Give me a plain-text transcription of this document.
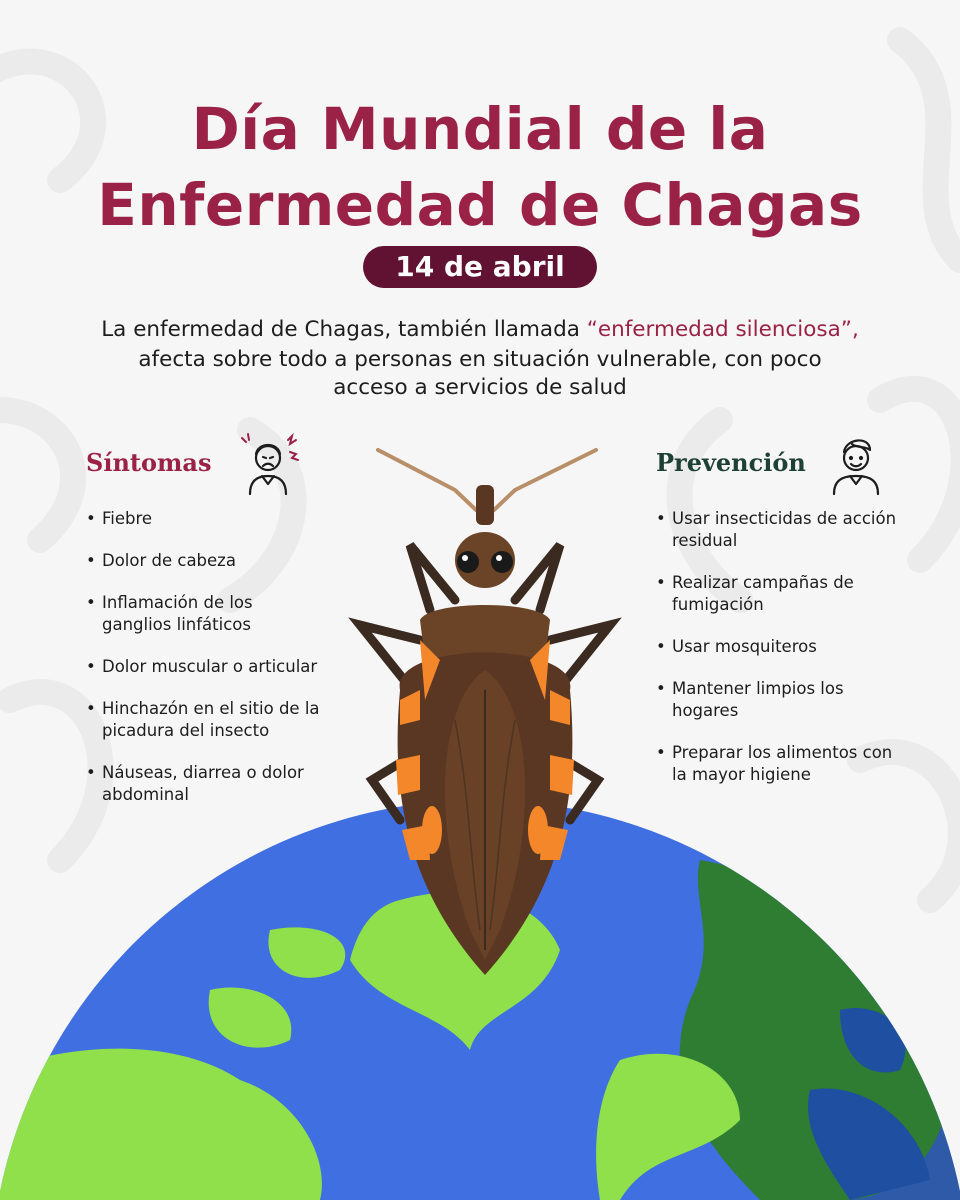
Día Mundial de la
Enfermedad de Chagas
14 de abril
La enfermedad de Chagas, también llamada “enfermedad silenciosa”,
afecta sobre todo a personas en situación vulnerable, con poco
acceso a servicios de salud
Síntomas
• Fiebre
• Dolor de cabeza
• Inflamación de los ganglios linfáticos
• Dolor muscular o articular
• Hinchazón en el sitio de la picadura del insecto
• Náuseas, diarrea o dolor abdominal
Prevención
• Usar insecticidas de acción residual
• Realizar campañas de fumigación
• Usar mosquiteros
• Mantener limpios los hogares
• Preparar los alimentos con la mayor higiene
